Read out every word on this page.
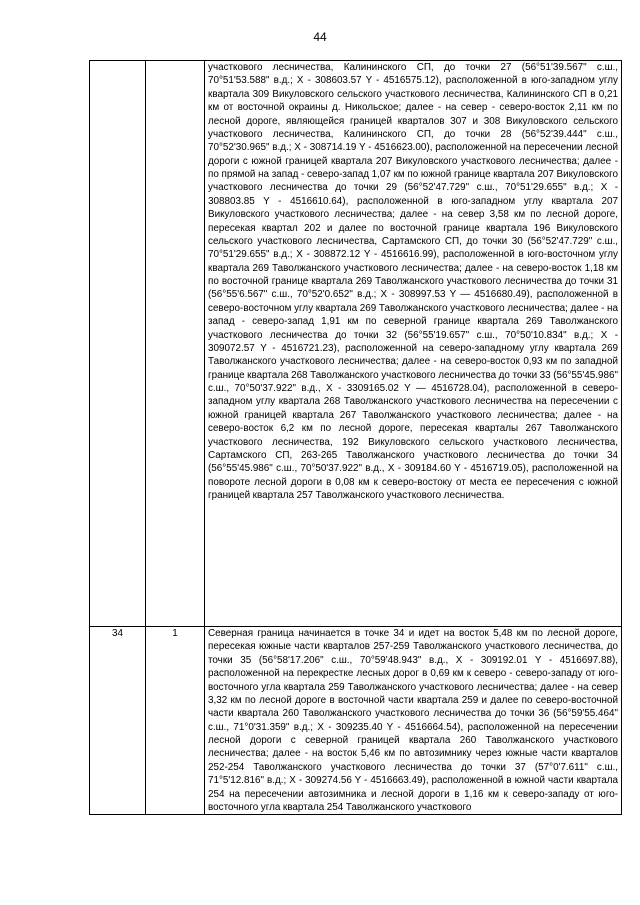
44

		участкового лесничества, Калининского СП, до точки 27 (56°51'39.567" с.ш., 70°51'53.588" в.д.; X - 308603.57 Y - 4516575.12), расположенной в юго-западном углу квартала 309 Викуловского сельского участкового лесничества, Калининского СП в 0,21 км от восточной окраины д. Никольское; далее - на север - северо-восток 2,11 км по лесной дороге, являющейся границей кварталов 307 и 308 Викуловского сельского участкового лесничества, Калининского СП, до точки 28 (56°52'39.444" с.ш., 70°52'30.965" в.д.; X - 308714.19 Y - 4516623.00), расположенной на пересечении лесной дороги с южной границей квартала 207 Викуловского участкового лесничества; далее - по прямой на запад - северо-запад 1,07 км по южной границе квартала 207 Викуловского участкового лесничества до точки 29 (56°52'47.729" с.ш., 70°51'29.655" в.д.; X - 308803.85 Y - 4516610.64), расположенной в юго-западном углу квартала 207 Викуловского участкового лесничества; далее - на север 3,58 км по лесной дороге, пересекая квартал 202 и далее по восточной границе квартала 196 Викуловского сельского участкового лесничества, Сартамского СП, до точки 30 (56°52'47.729" с.ш., 70°51'29.655" в.д.; X - 308872.12 Y - 4516616.99), расположенной в юго-восточном углу квартала 269 Таволжанского участкового лесничества; далее - на северо-восток 1,18 км по восточной границе квартала 269 Таволжанского участкового лесничества до точки 31 (56°55'6.567" с.ш., 70°52'0.652" в.д.; X - 308997.53 Y — 4516680.49), расположенной в северо-восточном углу квартала 269 Таволжанского участкового лесничества; далее - на запад - северо-запад 1,91 км по северной границе квартала 269 Таволжанского участкового лесничества до точки 32 (56°55'19.657" с.ш., 70°50'10.834" в.д.; X - 309072.57 Y - 4516721.23), расположенной на северо-западному углу квартала 269 Таволжанского участкового лесничества; далее - на северо-восток 0,93 км по западной границе квартала 268 Таволжанского участкового лесничества до точки 33 (56°55'45.986" с.ш., 70°50'37.922" в.д., X - 3309165.02 Y — 4516728.04), расположенной в северо-западном углу квартала 268 Таволжанского участкового лесничества на пересечении с южной границей квартала 267 Таволжанского участкового лесничества; далее - на северо-восток 6,2 км по лесной дороге, пересекая кварталы 267 Таволжанского участкового лесничества, 192 Викуловского сельского участкового лесничества, Сартамского СП, 263-265 Таволжанского участкового лесничества до точки 34 (56°55'45.986" с.ш., 70°50'37.922" в.д., X - 309184.60 Y - 4516719.05), расположенной на повороте лесной дороги в 0,08 км к северо-востоку от места ее пересечения с южной границей квартала 257 Таволжанского участкового лесничества.

34	1	Северная граница начинается в точке 34 и идет на восток 5,48 км по лесной дороге, пересекая южные части кварталов 257-259 Таволжанского участкового лесничества, до точки 35 (56°58'17.206" с.ш., 70°59'48.943" в.д., X - 309192.01 Y - 4516697.88), расположенной на перекрестке лесных дорог в 0,69 км к северо - северо-западу от юго-восточного угла квартала 259 Таволжанского участкового лесничества; далее - на север 3,32 км по лесной дороге в восточной части квартала 259 и далее по северо-восточной части квартала 260 Таволжанского участкового лесничества до точки 36 (56°59'55.464" с.ш., 71°0'31.359" в.д.; X - 309235.40 Y - 4516664.54), расположенной на пересечении лесной дороги с северной границей квартала 260 Таволжанского участкового лесничества; далее - на восток 5,46 км по автозимнику через южные части кварталов 252-254 Таволжанского участкового лесничества до точки 37 (57°0'7.611" с.ш., 71°5'12.816" в.д.; X - 309274.56 Y - 4516663.49), расположенной в южной части квартала 254 на пересечении автозимника и лесной дороги в 1,16 км к северо-западу от юго-восточного угла квартала 254 Таволжанского участкового
